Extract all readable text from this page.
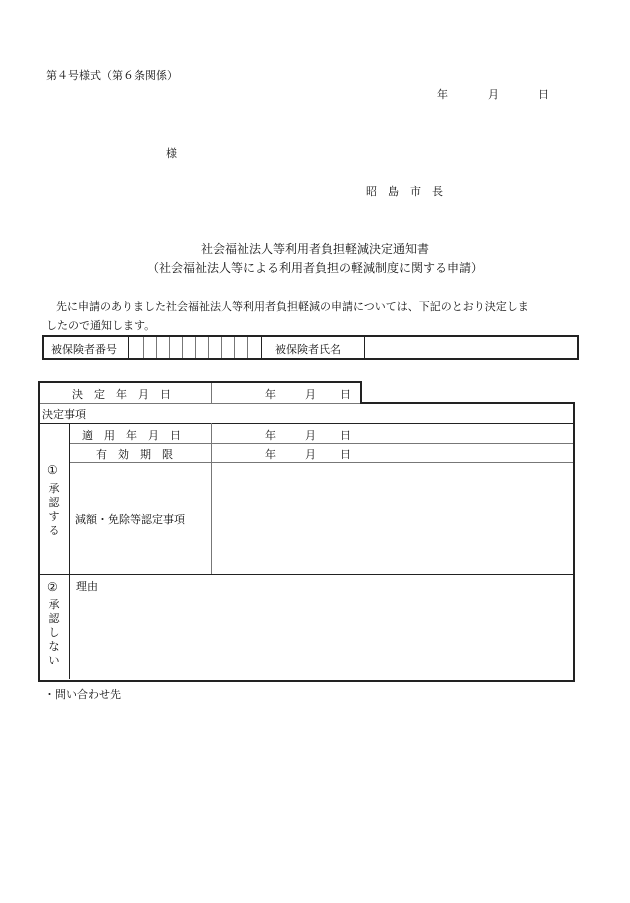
第４号様式（第６条関係）
年	月	日
様
昭　島　市　長
社会福祉法人等利用者負担軽減決定通知書
（社会福祉法人等による利用者負担の軽減制度に関する申請）
先に申請のありました社会福祉法人等利用者負担軽減の申請については、下記のとおり決定しま
したので通知します。
被保険者番号	被保険者氏名
決　定　年　月　日	年	月 日
決定事項
①
承認する
適　用　年　月　日	年	月 日
有　効　期　限	年	月 日
減額・免除等認定事項
②
承認しない
理由
・問い合わせ先
